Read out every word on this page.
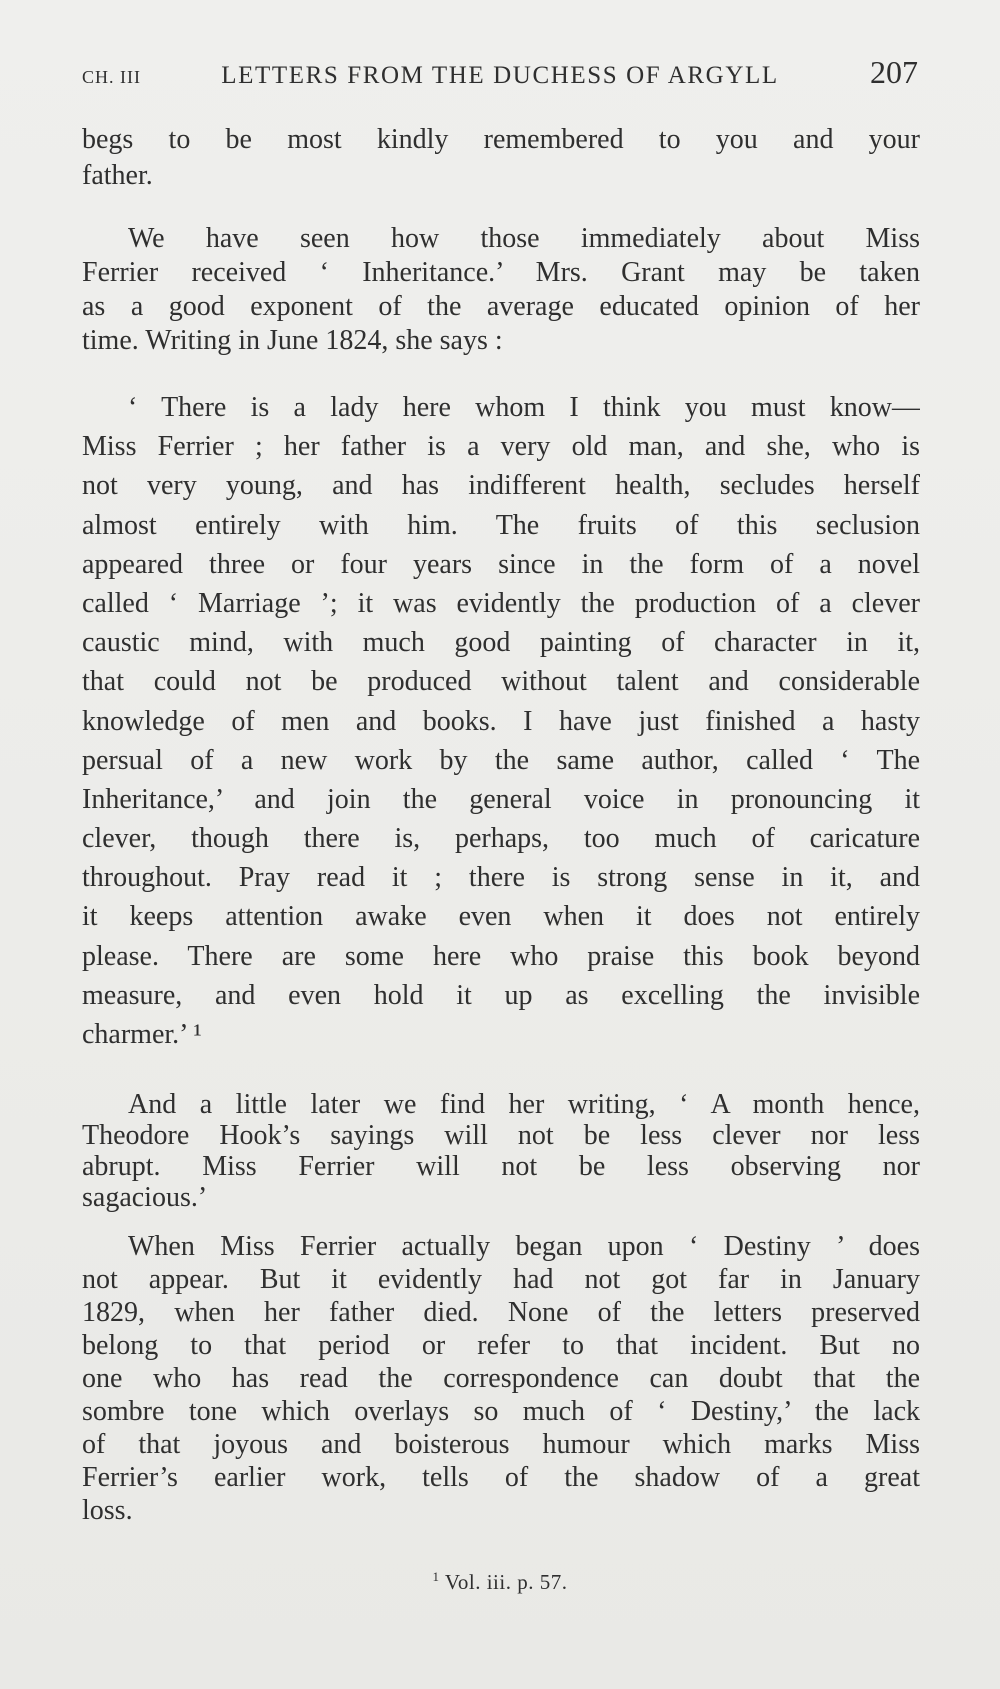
CH. III	LETTERS FROM THE DUCHESS OF ARGYLL	207
begs to be most kindly remembered to you and your
father.
We have seen how those immediately about Miss
Ferrier received ‘ Inheritance.’ Mrs. Grant may be taken
as a good exponent of the average educated opinion of her
time. Writing in June 1824, she says :
‘ There is a lady here whom I think you must know—
Miss Ferrier ; her father is a very old man, and she, who is
not very young, and has indifferent health, secludes herself
almost entirely with him. The fruits of this seclusion
appeared three or four years since in the form of a novel
called ‘ Marriage ’; it was evidently the production of a clever
caustic mind, with much good painting of character in it,
that could not be produced without talent and considerable
knowledge of men and books. I have just finished a hasty
persual of a new work by the same author, called ‘ The
Inheritance,’ and join the general voice in pronouncing it
clever, though there is, perhaps, too much of caricature
throughout. Pray read it ; there is strong sense in it, and
it keeps attention awake even when it does not entirely
please. There are some here who praise this book beyond
measure, and even hold it up as excelling the invisible
charmer.’ ¹
And a little later we find her writing, ‘ A month hence,
Theodore Hook’s sayings will not be less clever nor less
abrupt. Miss Ferrier will not be less observing nor
sagacious.’
When Miss Ferrier actually began upon ‘ Destiny ’ does
not appear. But it evidently had not got far in January
1829, when her father died. None of the letters preserved
belong to that period or refer to that incident. But no
one who has read the correspondence can doubt that the
sombre tone which overlays so much of ‘ Destiny,’ the lack
of that joyous and boisterous humour which marks Miss
Ferrier’s earlier work, tells of the shadow of a great
loss.
$^1$ Vol. iii. p. 57.
